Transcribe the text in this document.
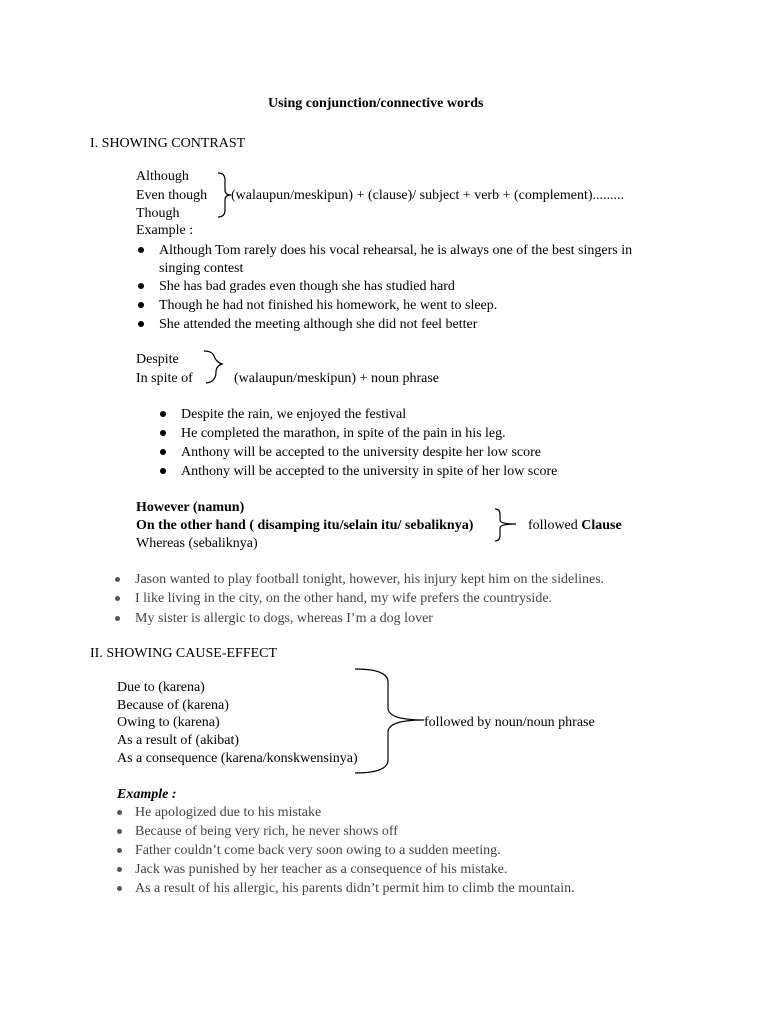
Using conjunction/connective words
I. SHOWING CONTRAST
Although
Even though
Though
(walaupun/meskipun) + (clause)/ subject + verb + (complement).........
Example :
Although Tom rarely does his vocal rehearsal, he is always one of the best singers in
singing contest
She has bad grades even though she has studied hard
Though he had not finished his homework, he went to sleep.
She attended the meeting although she did not feel better
Despite
In spite of	(walaupun/meskipun) + noun phrase
Despite the rain, we enjoyed the festival
He completed the marathon, in spite of the pain in his leg.
Anthony will be accepted to the university despite her low score
Anthony will be accepted to the university in spite of her low score
However (namun)
On the other hand ( disamping itu/selain itu/ sebaliknya)
Whereas (sebaliknya)
followed Clause
Jason wanted to play football tonight, however, his injury kept him on the sidelines.
I like living in the city, on the other hand, my wife prefers the countryside.
My sister is allergic to dogs, whereas I’m a dog lover
II. SHOWING CAUSE-EFFECT
Due to (karena)
Because of (karena)
Owing to (karena)
As a result of (akibat)
As a consequence (karena/konskwensinya)
followed by noun/noun phrase
Example :
He apologized due to his mistake
Because of being very rich, he never shows off
Father couldn’t come back very soon owing to a sudden meeting.
Jack was punished by her teacher as a consequence of his mistake.
As a result of his allergic, his parents didn’t permit him to climb the mountain.
